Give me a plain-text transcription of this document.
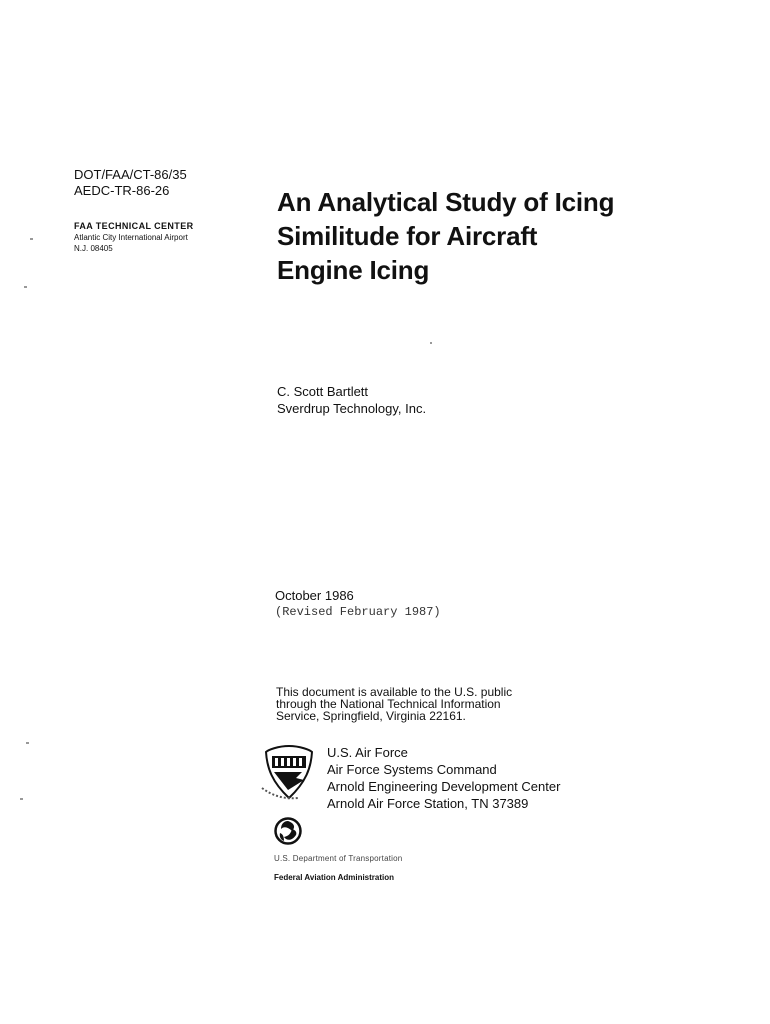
DOT/FAA/CT-86/35
AEDC-TR-86-26
FAA TECHNICAL CENTER
Atlantic City International Airport
N.J. 08405
An Analytical Study of Icing
Similitude for Aircraft
Engine Icing
C. Scott Bartlett
Sverdrup Technology, Inc.
October 1986
(Revised February 1987)
This document is available to the U.S. public
through the National Technical Information
Service, Springfield, Virginia 22161.
U.S. Air Force
Air Force Systems Command
Arnold Engineering Development Center
Arnold Air Force Station, TN 37389
U.S. Department of Transportation
Federal Aviation Administration
